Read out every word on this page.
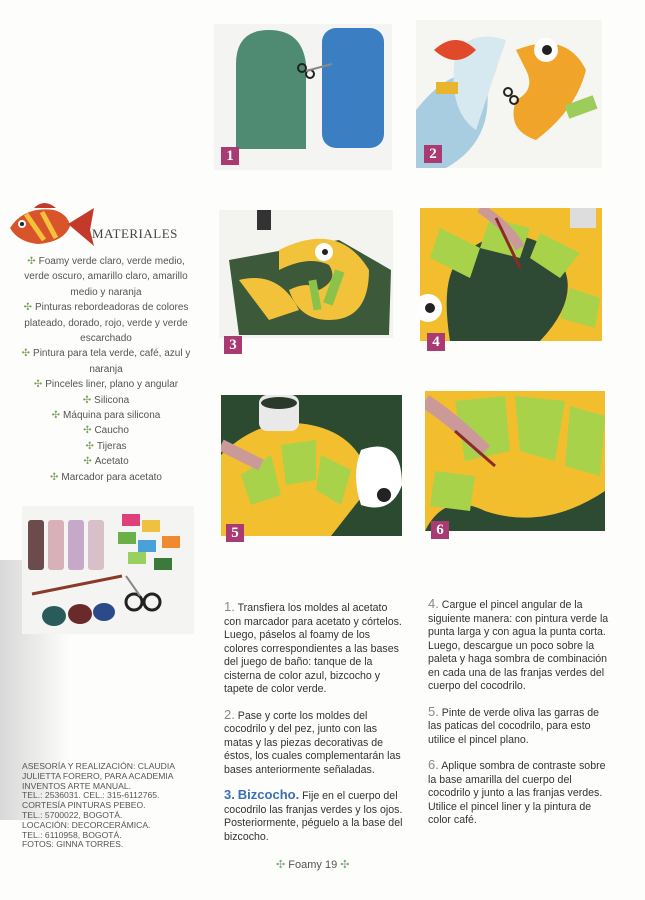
1	2
3	4
5	6
MATERIALES
✣ Foamy verde claro, verde medio, verde oscuro, amarillo claro, amarillo medio y naranja
✣ Pinturas rebordeadoras de colores plateado, dorado, rojo, verde y verde escarchado
✣ Pintura para tela verde, café, azul y naranja
✣ Pinceles liner, plano y angular
✣ Silicona
✣ Máquina para silicona
✣ Caucho
✣ Tijeras
✣ Acetato
✣ Marcador para acetato

1. Transfiera los moldes al acetato con marcador para acetato y córtelos. Luego, páselos al foamy de los colores correspondientes a las bases del juego de baño: tanque de la cisterna de color azul, bizcocho y tapete de color verde.

2. Pase y corte los moldes del cocodrilo y del pez, junto con las matas y las piezas decorativas de éstos, los cuales complementarán las bases anteriormente señaladas.

3. Bizcocho. Fije en el cuerpo del cocodrilo las franjas verdes y los ojos. Posteriormente, péguelo a la base del bizcocho.

4. Cargue el pincel angular de la siguiente manera: con pintura verde la punta larga y con agua la punta corta. Luego, descargue un poco sobre la paleta y haga sombra de combinación en cada una de las franjas verdes del cuerpo del cocodrilo.

5. Pinte de verde oliva las garras de las paticas del cocodrilo, para esto utilice el pincel plano.

6. Aplique sombra de contraste sobre la base amarilla del cuerpo del cocodrilo y junto a las franjas verdes. Utilice el pincel liner y la pintura de color café.

ASESORÍA Y REALIZACIÓN: CLAUDIA
JULIETTA FORERO, PARA ACADEMIA
INVENTOS ARTE MANUAL.
TEL.: 2536031. CEL.: 315-6112765.
CORTESÍA PINTURAS PEBEO.
TEL.: 5700022, BOGOTÁ.
LOCACIÓN: DECORCERÁMICA.
TEL.: 6110958, BOGOTÁ.
FOTOS: GINNA TORRES.
✣ Foamy 19 ✣
